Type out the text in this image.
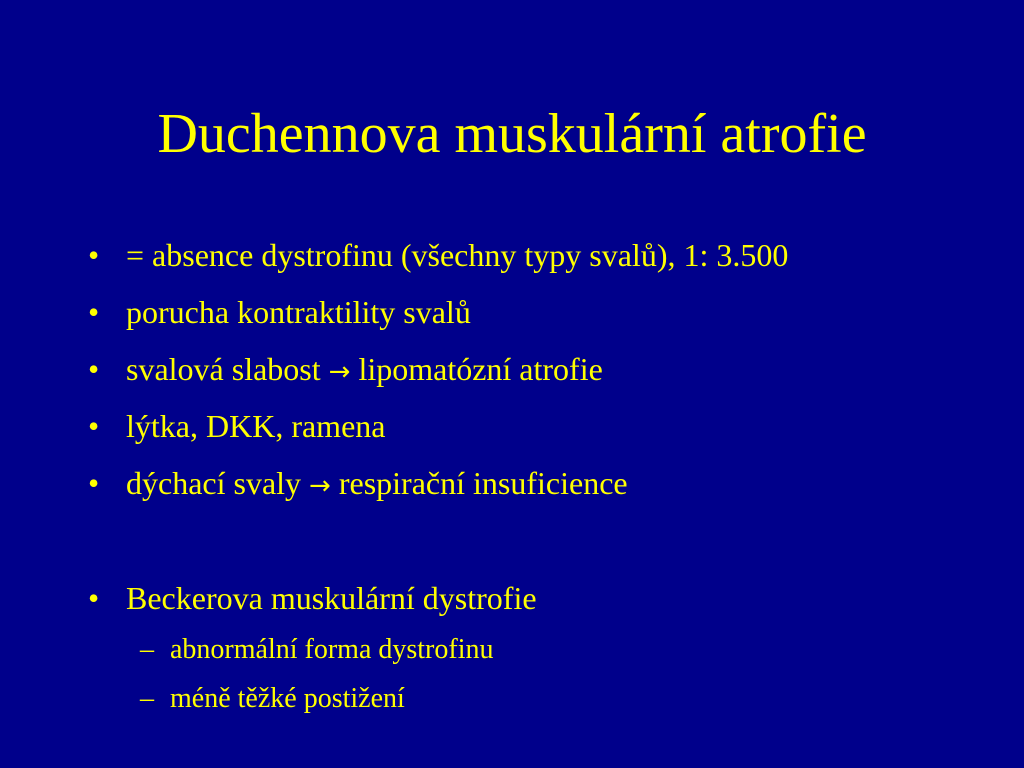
Duchennova muskulární atrofie
• = absence dystrofinu (všechny typy svalů), 1: 3.500
• porucha kontraktility svalů
• svalová slabost → lipomatózní atrofie
• lýtka, DKK, ramena
• dýchací svaly → respirační insuficience
• Beckerova muskulární dystrofie
– abnormální forma dystrofinu
– méně těžké postižení
